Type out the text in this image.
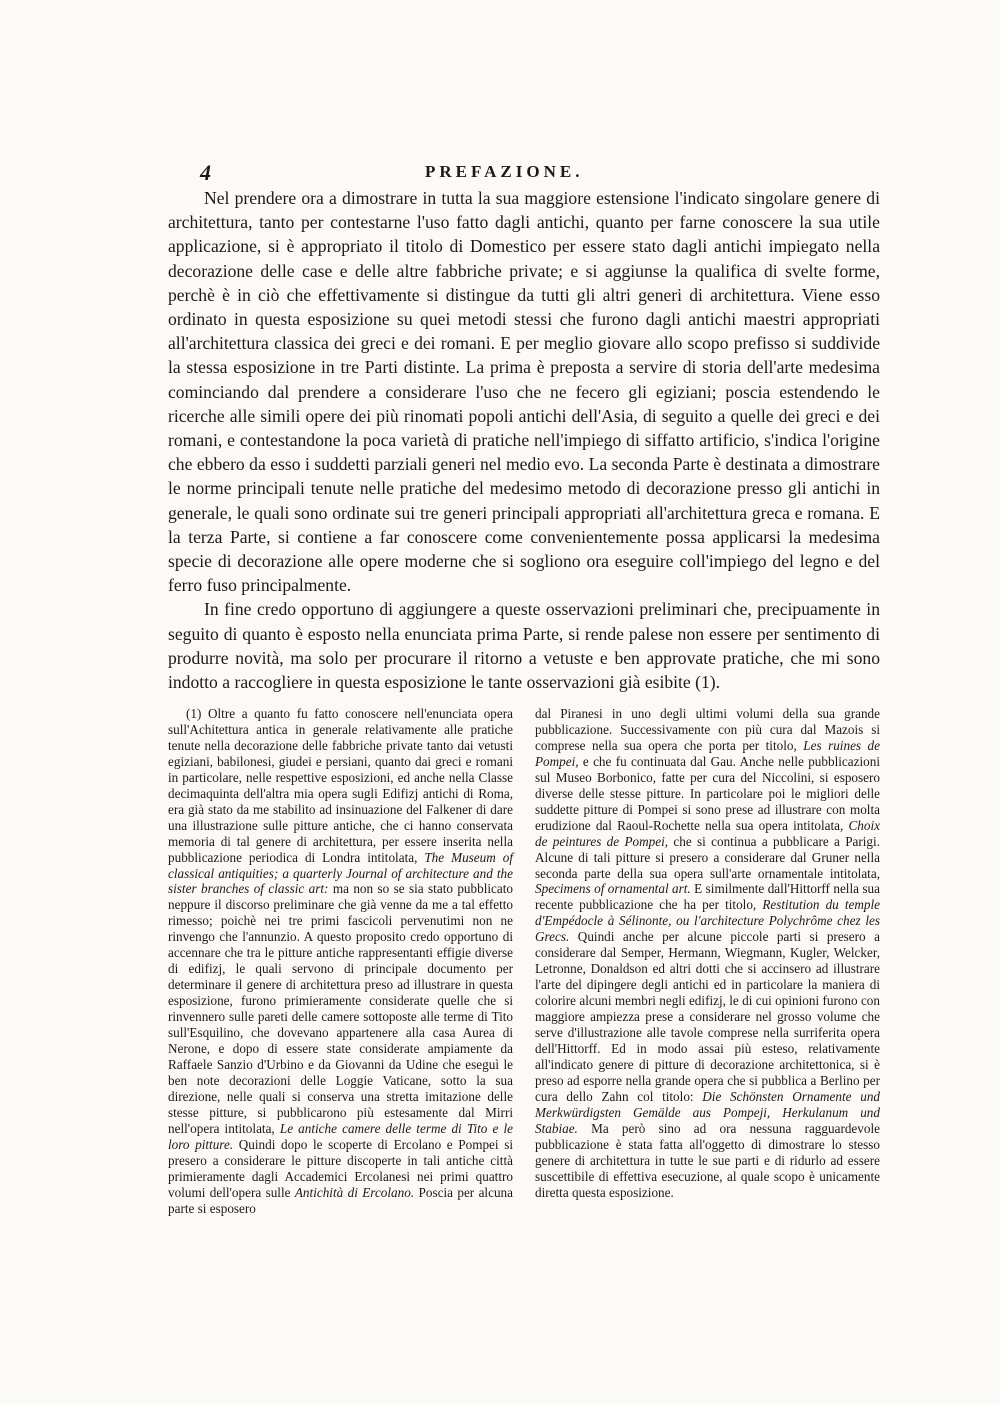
4	PREFAZIONE.

Nel prendere ora a dimostrare in tutta la sua maggiore estensione l'indicato singolare genere di architettura, tanto per contestarne l'uso fatto dagli antichi, quanto per farne conoscere la sua utile applicazione, si è appropriato il titolo di Domestico per essere stato dagli antichi impiegato nella decorazione delle case e delle altre fabbriche private; e si aggiunse la qualifica di svelte forme, perchè è in ciò che effettivamente si distingue da tutti gli altri generi di architettura. Viene esso ordinato in questa esposizione su quei metodi stessi che furono dagli antichi maestri appropriati all'architettura classica dei greci e dei romani. E per meglio giovare allo scopo prefisso si suddivide la stessa esposizione in tre Parti distinte. La prima è preposta a servire di storia dell'arte medesima cominciando dal prendere a considerare l'uso che ne fecero gli egiziani; poscia estendendo le ricerche alle simili opere dei più rinomati popoli antichi dell'Asia, di seguito a quelle dei greci e dei romani, e contestandone la poca varietà di pratiche nell'impiego di siffatto artificio, s'indica l'origine che ebbero da esso i suddetti parziali generi nel medio evo. La seconda Parte è destinata a dimostrare le norme principali tenute nelle pratiche del medesimo metodo di decorazione presso gli antichi in generale, le quali sono ordinate sui tre generi principali appropriati all'architettura greca e romana. E la terza Parte, si contiene a far conoscere come convenientemente possa applicarsi la medesima specie di decorazione alle opere moderne che si sogliono ora eseguire coll'impiego del legno e del ferro fuso principalmente.

In fine credo opportuno di aggiungere a queste osservazioni preliminari che, precipuamente in seguito di quanto è esposto nella enunciata prima Parte, si rende palese non essere per sentimento di produrre novità, ma solo per procurare il ritorno a vetuste e ben approvate pratiche, che mi sono indotto a raccogliere in questa esposizione le tante osservazioni già esibite (1).

(1) Oltre a quanto fu fatto conoscere nell'enunciata opera sull'Achitettura antica in generale relativamente alle pratiche tenute nella decorazione delle fabbriche private tanto dai vetusti egiziani, babilonesi, giudei e persiani, quanto dai greci e romani in particolare, nelle respettive esposizioni, ed anche nella Classe decimaquinta dell'altra mia opera sugli Edifizj antichi di Roma, era già stato da me stabilito ad insinuazione del Falkener di dare una illustrazione sulle pitture antiche, che ci hanno conservata memoria di tal genere di architettura, per essere inserita nella pubblicazione periodica di Londra intitolata, The Museum of classical antiquities; a quarterly Journal of architecture and the sister branches of classic art: ma non so se sia stato pubblicato neppure il discorso preliminare che già venne da me a tal effetto rimesso; poichè nei tre primi fascicoli pervenutimi non ne rinvengo che l'annunzio. A questo proposito credo opportuno di accennare che tra le pitture antiche rappresentanti effigie diverse di edifizj, le quali servono di principale documento per determinare il genere di architettura preso ad illustrare in questa esposizione, furono primieramente considerate quelle che si rinvennero sulle pareti delle camere sottoposte alle terme di Tito sull'Esquilino, che dovevano appartenere alla casa Aurea di Nerone, e dopo di essere state considerate ampiamente da Raffaele Sanzio d'Urbino e da Giovanni da Udine che eseguì le ben note decorazioni delle Loggie Vaticane, sotto la sua direzione, nelle quali si conserva una stretta imitazione delle stesse pitture, si pubblicarono più estesamente dal Mirri nell'opera intitolata, Le antiche camere delle terme di Tito e le loro pitture. Quindi dopo le scoperte di Ercolano e Pompei si presero a considerare le pitture discoperte in tali antiche città primieramente dagli Accademici Ercolanesi nei primi quattro volumi dell'opera sulle Antichità di Ercolano. Poscia per alcuna parte si esposero

dal Piranesi in uno degli ultimi volumi della sua grande pubblicazione. Successivamente con più cura dal Mazois si comprese nella sua opera che porta per titolo, Les ruines de Pompei, e che fu continuata dal Gau. Anche nelle pubblicazioni sul Museo Borbonico, fatte per cura del Niccolini, si esposero diverse delle stesse pitture. In particolare poi le migliori delle suddette pitture di Pompei si sono prese ad illustrare con molta erudizione dal Raoul-Rochette nella sua opera intitolata, Choix de peintures de Pompei, che si continua a pubblicare a Parigi. Alcune di tali pitture si presero a considerare dal Gruner nella seconda parte della sua opera sull'arte ornamentale intitolata, Specimens of ornamental art. E similmente dall'Hittorff nella sua recente pubblicazione che ha per titolo, Restitution du temple d'Empédocle à Sélinonte, ou l'architecture Polychrôme chez les Grecs. Quindi anche per alcune piccole parti si presero a considerare dal Semper, Hermann, Wiegmann, Kugler, Welcker, Letronne, Donaldson ed altri dotti che si accinsero ad illustrare l'arte del dipingere degli antichi ed in particolare la maniera di colorire alcuni membri negli edifizj, le di cui opinioni furono con maggiore ampiezza prese a considerare nel grosso volume che serve d'illustrazione alle tavole comprese nella surriferita opera dell'Hittorff. Ed in modo assai più esteso, relativamente all'indicato genere di pitture di decorazione architettonica, si è preso ad esporre nella grande opera che si pubblica a Berlino per cura dello Zahn col titolo: Die Schönsten Ornamente und Merkwürdigsten Gemälde aus Pompeji, Herkulanum und Stabiae. Ma però sino ad ora nessuna ragguardevole pubblicazione è stata fatta all'oggetto di dimostrare lo stesso genere di architettura in tutte le sue parti e di ridurlo ad essere suscettibile di effettiva esecuzione, al quale scopo è unicamente diretta questa esposizione.
